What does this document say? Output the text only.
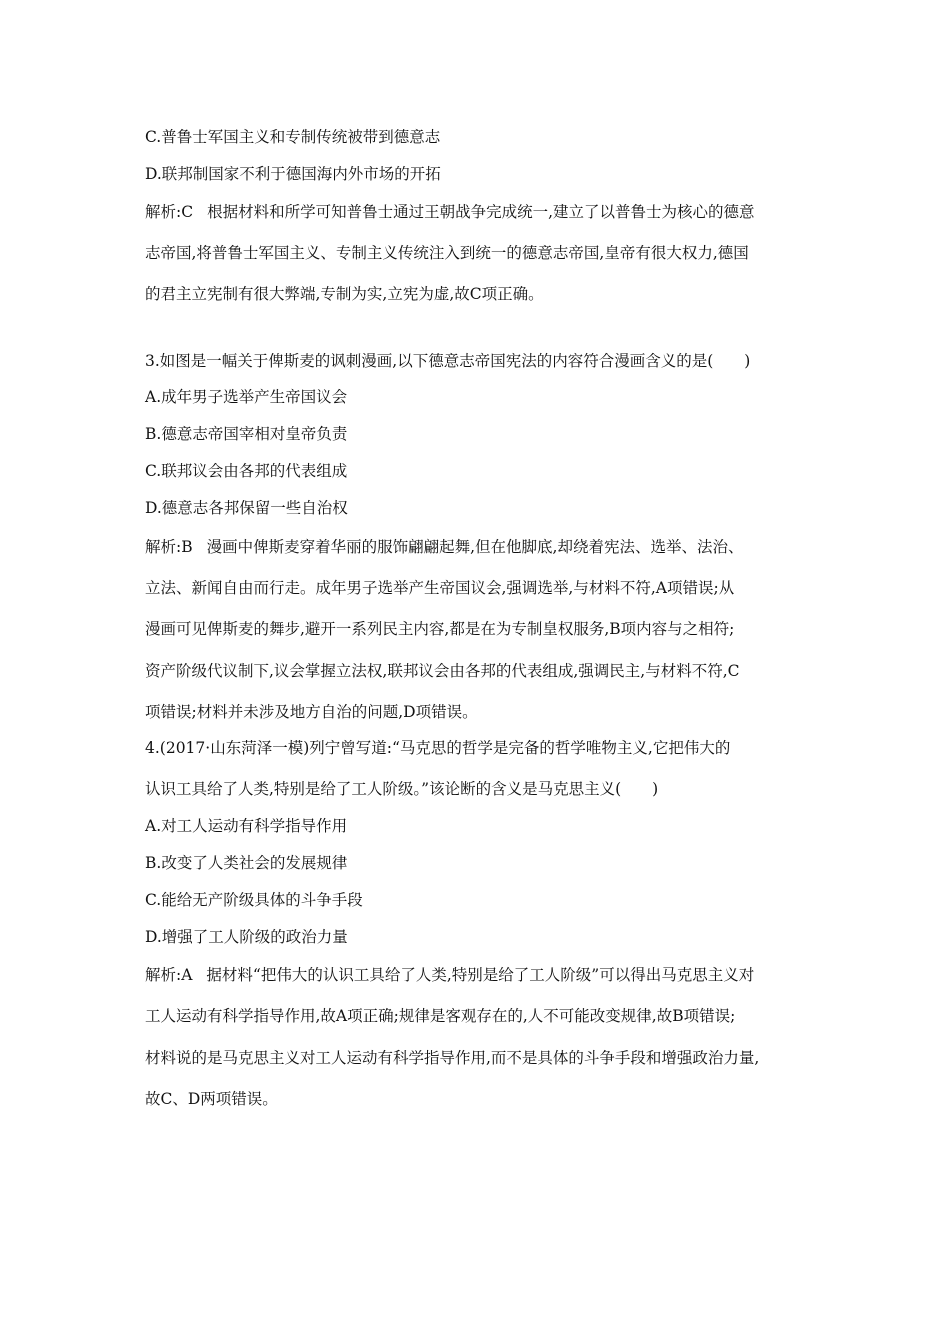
C.普鲁士军国主义和专制传统被带到德意志
D.联邦制国家不利于德国海内外市场的开拓
解析:C 根据材料和所学可知普鲁士通过王朝战争完成统一,建立了以普鲁士为核心的德意
志帝国,将普鲁士军国主义、专制主义传统注入到统一的德意志帝国,皇帝有很大权力,德国
的君主立宪制有很大弊端,专制为实,立宪为虚,故C项正确。
3.如图是一幅关于俾斯麦的讽刺漫画,以下德意志帝国宪法的内容符合漫画含义的是(　　)
A.成年男子选举产生帝国议会
B.德意志帝国宰相对皇帝负责
C.联邦议会由各邦的代表组成
D.德意志各邦保留一些自治权
解析:B 漫画中俾斯麦穿着华丽的服饰翩翩起舞,但在他脚底,却绕着宪法、选举、法治、
立法、新闻自由而行走。成年男子选举产生帝国议会,强调选举,与材料不符,A项错误;从
漫画可见俾斯麦的舞步,避开一系列民主内容,都是在为专制皇权服务,B项内容与之相符;
资产阶级代议制下,议会掌握立法权,联邦议会由各邦的代表组成,强调民主,与材料不符,C
项错误;材料并未涉及地方自治的问题,D项错误。
4.(2017·山东菏泽一模)列宁曾写道:“马克思的哲学是完备的哲学唯物主义,它把伟大的
认识工具给了人类,特别是给了工人阶级。”该论断的含义是马克思主义(　　)
A.对工人运动有科学指导作用
B.改变了人类社会的发展规律
C.能给无产阶级具体的斗争手段
D.增强了工人阶级的政治力量
解析:A 据材料“把伟大的认识工具给了人类,特别是给了工人阶级”可以得出马克思主义对
工人运动有科学指导作用,故A项正确;规律是客观存在的,人不可能改变规律,故B项错误;
材料说的是马克思主义对工人运动有科学指导作用,而不是具体的斗争手段和增强政治力量,
故C、D两项错误。
